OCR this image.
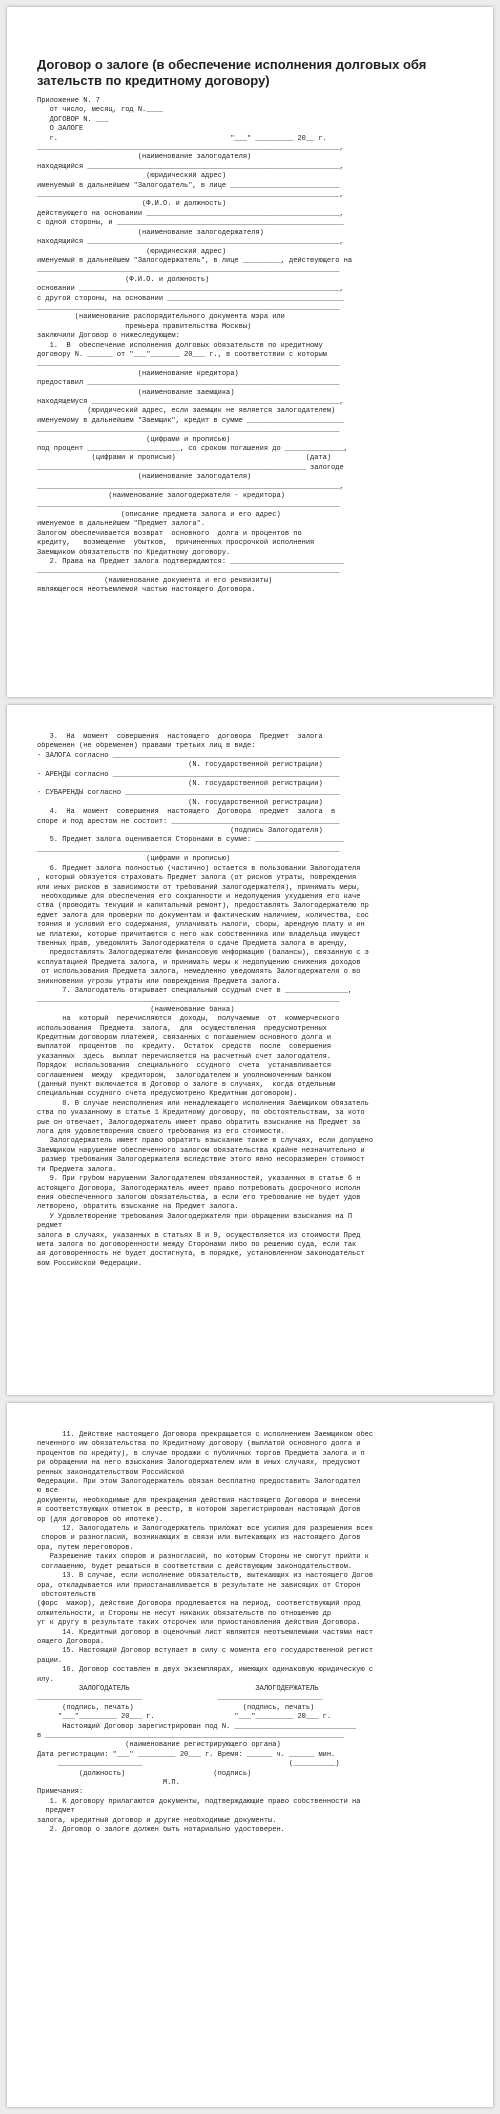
Договор о залоге (в обеспечение исполнения долговых обя
зательств по кредитному договору)

Приложение N. 7

от число, месяц, год N.____

ДОГОВОР N. ___

О ЗАЛОГЕ

г.                                         "___" _________ 20__ г.

________________________________________________________________________,

(наименование залогодателя)

находящийся ____________________________________________________________,

(юридический адрес)

именуемый в дальнейшем "Залогодатель", в лице __________________________

________________________________________________________________________,

(Ф.И.О. и должность)

действующего на основании ______________________________________________,

с одной стороны, и ______________________________________________________

(наименование залогодержателя)

находящийся ____________________________________________________________,

(юридический адрес)

именуемый в дальнейшем "Залогодержатель", в лице _________, действующего на

________________________________________________________________________

(Ф.И.О. и должность)

основании ______________________________________________________________,

с другой стороны, на основании __________________________________________

________________________________________________________________________

(наименование распорядительного документа мэра или

премьера правительства Москвы)

заключили Договор о нижеследующем:

1.  В  обеспечение исполнения долговых обязательств по кредитному

договору N. ______ от "___"_______ 20___ г., в соответствии с которым

________________________________________________________________________

(наименование кредитора)

предоставил ____________________________________________________________

(наименование заемщика)

находящемуся ___________________________________________________________,

(юридический адрес, если заемщик не является залогодателем)

именуемому в дальнейшем "Заемщик", кредит в сумме _______________________

________________________________________________________________________

(цифрами и прописью)

под процент ______________________, со сроком погашения до ______________,

(цифрами и прописью)                               (дата)

________________________________________________________________ залогоде

(наименование залогодателя)

________________________________________________________________________,

(наименование залогодержателя - кредитора)

________________________________________________________________________

(описание предмета залога и его адрес)

именуемое в дальнейшем "Предмет залога".

Залогом обеспечивается возврат  основного  долга и процентов по

кредиту,   возмещение  убытков,  причиненных просрочкой исполнения

Заемщиком обязательств по Кредитному договору.

2. Права на Предмет залога подтверждаются: ___________________________

________________________________________________________________________

(наименование документа и его реквизиты)

являющегося неотъемлемой частью настоящего Договора.

3.  На  момент  совершения  настоящего  договора  Предмет  залога

обременен (не обременен) правами третьих лиц в виде:

- ЗАЛОГА согласно ______________________________________________________

(N. государственной регистрации)

- АРЕНДЫ согласно ______________________________________________________

(N. государственной регистрации)

- СУБАРЕНДЫ согласно ___________________________________________________

(N. государственной регистрации)

4.  На  момент  совершения  настоящего  Договора  предмет  залога  в

споре и под арестом не состоит: ________________________________________

(подпись Залогодателя)

5. Предмет залога оценивается Сторонами в сумме: _____________________

________________________________________________________________________

(цифрами и прописью)

6. Предмет залога полностью (частично) остается в пользовании Залогодателя

, который обязуется страховать Предмет залога (от рисков утраты, повреждения

или иных рисков в зависимости от требований залогодержателя), принимать меры,

необходимые для обеспечения его сохранности и недопущения ухудшения его каче

ства (проводить текущий и капитальный ремонт), предоставлять Залогодержателю пр

едмет залога для проверки по документам и фактическим наличием, количества, сос

тояния и условий его содержания, уплачивать налоги, сборы, арендную плату и ин

ые платежи, которые причитаются с него как собственника или владельца имущест

твенных прав, уведомлять Залогодержателя о сдаче Предмета залога в аренду,

предоставлять Залогодержателю финансовую информацию (балансы), связанную с э

ксплуатацией Предмета залога, и принимать меры к недопущению снижения доходов

от использования Предмета залога, немедленно уведомлять Залогодержателя о во

зникновении угрозы утраты или повреждения Предмета залога.

7. Залогодатель открывает специальный ссудный счет в _______________,

________________________________________________________________________

(наименование банка)

на  который  перечисляются  доходы,  получаемые  от  коммерческого

использования  Предмета  залога,  для  осуществления  предусмотренных

Кредитным договором платежей, связанных с погашением основного долга и

выплатой  процентов  по  кредиту.  Остаток  средств  после  совершения

указанных  здесь  выплат перечисляется на расчетный счет залогодателя.

Порядок  использования  специального  ссудного  счета  устанавливается

соглашением  между  кредитором,  залогодателем и уполномоченным банком

(данный пункт включается в Договор о залоге в случаях,  когда отдельным

специальным ссудного счета предусмотрено Кредитным договором).

8. В случае неисполнения или ненадлежащего исполнения Заемщиком обязатель

ства по указанному в статье 1 Кредитному договору, по обстоятельствам, за кото

рые он отвечает, Залогодержатель имеет право обратить взыскание на Предмет за

лога для удовлетворения своего требования из его стоимости.

Залогодержатель имеет право обратить взыскание также в случаях, если допущено

Заемщиком нарушение обеспеченного залогом обязательства крайне незначительно и

размер требования Залогодержателя вследствие этого явно несоразмерен стоимост

ти Предмета залога.

9. При грубом нарушении Залогодателем обязанностей, указанных в статье 6 н

астоящего Договора, Залогодержатель имеет право потребовать досрочного исполн

ения обеспеченного залогом обязательства, а если его требование не будет удов

летворено, обратить взыскание на Предмет залога.

У Удовлетворение требования Залогодержателя при обращении взыскания на П

редмет

залога в случаях, указанных в статьях 8 и 9, осуществляется из стоимости Пред

мета залога по договоренности между Сторонами либо по решению суда, если так

ая договоренность не будет достигнута, в порядке, установленном законодательст

вом Российской Федерации.

11. Действие настоящего Договора прекращается с исполнением Заемщиком обес

печенного им обязательства по Кредитному договору (выплатой основного долга и

процентов по кредиту), в случае продажи с публичных торгов Предмета залога и п

ри обращении на него взыскания Залогодержателем или в иных случаях, предусмот

ренных законодательством Российской

Федерации. При этом Залогодержатель обязан бесплатно предоставить Залогодател

ю все

документы, необходимые для прекращения действия настоящего Договора и внесени

я соответствующих отметок в реестр, в котором зарегистрирован настоящий Догов

ор (для договоров об ипотеке).

12. Залогодатель и Залогодержатель приложат все усилия для разрешения всех

споров и разногласий, возникающих в связи или вытекающих из настоящего Догов

ора, путем переговоров.

Разрешение таких споров и разногласий, по которым Стороны не смогут прийти к

соглашению, будет решаться в соответствии с действующим законодательством.

13. В случае, если исполнение обязательств, вытекающих из настоящего Догов

ора, откладывается или приостанавливается в результате не зависящих от Сторон

обстоятельств

(форс  мажор), действие Договора продлевается на период, соответствующий прод

олжительности, и Стороны не несут никаких обязательств по отношению др

уг к другу в результате таких отсрочек или приостановления действия Договора.

14. Кредитный договор в оценочный лист являются неотъемлемыми частями наст

оящего Договора.

15. Настоящий Договор вступает в силу с момента его государственной регист

рации.

16. Договор составлен в двух экземплярах, имеющих одинаковую юридическую с

илу.

ЗАЛОГОДАТЕЛЬ                              ЗАЛОГОДЕРЖАТЕЛЬ

_________________________                  _________________________

(подпись, печать)                          (подпись, печать)

"___"_________ 20___ г.                   "___"_________ 20___ г.

Настоящий Договор зарегистрирован под N. _____________________________

в _______________________________________________________________________

(наименование регистрирующего органа)

Дата регистрации: "___" _________ 20___ г. Время: ______ ч. ______ мин.

____________________                                   (__________)

(должность)                     (подпись)

М.П.

Примечания:

1. К договору прилагаются документы, подтверждающие право собственности на

предмет

залога, кредитный договор и другие необходимые документы.

2. Договор о залоге должен быть нотариально удостоверен.
